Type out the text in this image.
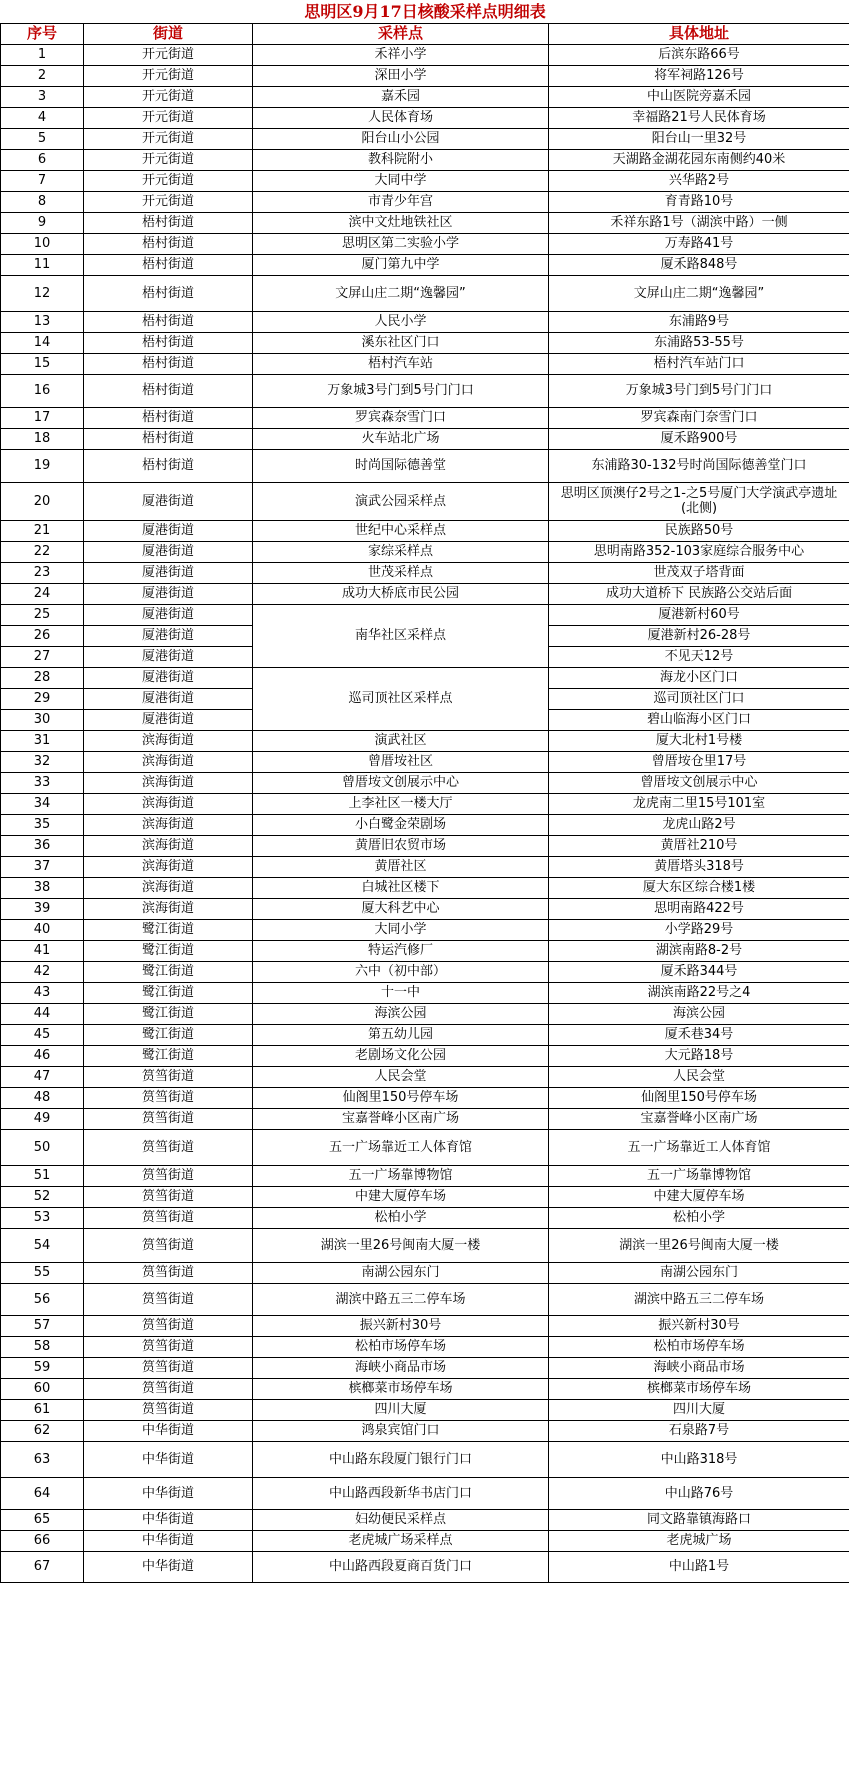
思明区9月17日核酸采样点明细表			
序号	街道	采样点	具体地址
1	开元街道	禾祥小学	后滨东路66号
2	开元街道	深田小学	将军祠路126号
3	开元街道	嘉禾园	中山医院旁嘉禾园
4	开元街道	人民体育场	幸福路21号人民体育场
5	开元街道	阳台山小公园	阳台山一里32号
6	开元街道	教科院附小	天湖路金湖花园东南侧约40米
7	开元街道	大同中学	兴华路2号
8	开元街道	市青少年宫	育青路10号
9	梧村街道	滨中文灶地铁社区	禾祥东路1号（湖滨中路）一侧
10	梧村街道	思明区第二实验小学	万寿路41号
11	梧村街道	厦门第九中学	厦禾路848号
12	梧村街道	文屏山庄二期“逸馨园”	文屏山庄二期“逸馨园”
13	梧村街道	人民小学	东浦路9号
14	梧村街道	溪东社区门口	东浦路53-55号
15	梧村街道	梧村汽车站	梧村汽车站门口
16	梧村街道	万象城3号门到5号门门口	万象城3号门到5号门门口
17	梧村街道	罗宾森奈雪门口	罗宾森南门奈雪门口
18	梧村街道	火车站北广场	厦禾路900号
19	梧村街道	时尚国际德善堂	东浦路30-132号时尚国际德善堂门口
20	厦港街道	演武公园采样点	思明区顶澳仔2号之1-之5号厦门大学演武亭遗址(北侧)
21	厦港街道	世纪中心采样点	民族路50号
22	厦港街道	家综采样点	思明南路352-103家庭综合服务中心
23	厦港街道	世茂采样点	世茂双子塔背面
24	厦港街道	成功大桥底市民公园	成功大道桥下 民族路公交站后面
25	厦港街道	南华社区采样点	厦港新村60号
26	厦港街道		厦港新村26-28号
27	厦港街道		不见天12号
28	厦港街道	巡司顶社区采样点	海龙小区门口
29	厦港街道		巡司顶社区门口
30	厦港街道		碧山临海小区门口
31	滨海街道	演武社区	厦大北村1号楼
32	滨海街道	曾厝垵社区	曾厝垵仓里17号
33	滨海街道	曾厝垵文创展示中心	曾厝垵文创展示中心
34	滨海街道	上李社区一楼大厅	龙虎南二里15号101室
35	滨海街道	小白鹭金荣剧场	龙虎山路2号
36	滨海街道	黄厝旧农贸市场	黄厝社210号
37	滨海街道	黄厝社区	黄厝塔头318号
38	滨海街道	白城社区楼下	厦大东区综合楼1楼
39	滨海街道	厦大科艺中心	思明南路422号
40	鹭江街道	大同小学	小学路29号
41	鹭江街道	特运汽修厂	湖滨南路8-2号
42	鹭江街道	六中（初中部）	厦禾路344号
43	鹭江街道	十一中	湖滨南路22号之4
44	鹭江街道	海滨公园	海滨公园
45	鹭江街道	第五幼儿园	厦禾巷34号
46	鹭江街道	老剧场文化公园	大元路18号
47	筼筜街道	人民会堂	人民会堂
48	筼筜街道	仙阁里150号停车场	仙阁里150号停车场
49	筼筜街道	宝嘉誉峰小区南广场	宝嘉誉峰小区南广场
50	筼筜街道	五一广场靠近工人体育馆	五一广场靠近工人体育馆
51	筼筜街道	五一广场靠博物馆	五一广场靠博物馆
52	筼筜街道	中建大厦停车场	中建大厦停车场
53	筼筜街道	松柏小学	松柏小学
54	筼筜街道	湖滨一里26号闽南大厦一楼	湖滨一里26号闽南大厦一楼
55	筼筜街道	南湖公园东门	南湖公园东门
56	筼筜街道	湖滨中路五三二停车场	湖滨中路五三二停车场
57	筼筜街道	振兴新村30号	振兴新村30号
58	筼筜街道	松柏市场停车场	松柏市场停车场
59	筼筜街道	海峡小商品市场	海峡小商品市场
60	筼筜街道	槟榔菜市场停车场	槟榔菜市场停车场
61	筼筜街道	四川大厦	四川大厦
62	中华街道	鸿泉宾馆门口	石泉路7号
63	中华街道	中山路东段厦门银行门口	中山路318号
64	中华街道	中山路西段新华书店门口	中山路76号
65	中华街道	妇幼便民采样点	同文路靠镇海路口
66	中华街道	老虎城广场采样点	老虎城广场
67	中华街道	中山路西段夏商百货门口	中山路1号
